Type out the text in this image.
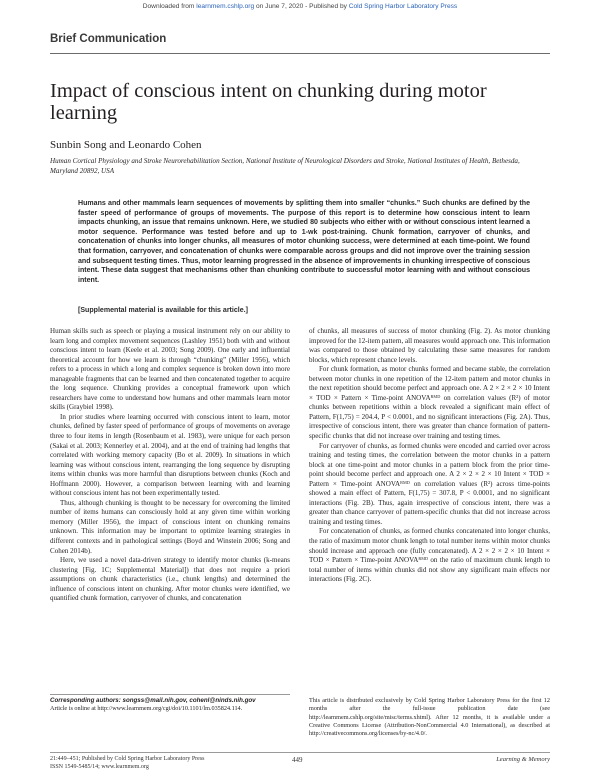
Downloaded from learnmem.cshlp.org on June 7, 2020 - Published by Cold Spring Harbor Laboratory Press
Brief Communication
Impact of conscious intent on chunking during motor learning
Sunbin Song and Leonardo Cohen
Human Cortical Physiology and Stroke Neurorehabilitation Section, National Institute of Neurological Disorders and Stroke, National Institutes of Health, Bethesda, Maryland 20892, USA
Humans and other mammals learn sequences of movements by splitting them into smaller “chunks.” Such chunks are defined by the faster speed of performance of groups of movements. The purpose of this report is to determine how conscious intent to learn impacts chunking, an issue that remains unknown. Here, we studied 80 subjects who either with or without conscious intent learned a motor sequence. Performance was tested before and up to 1-wk post-training. Chunk formation, carryover of chunks, and concatenation of chunks into longer chunks, all measures of motor chunking success, were determined at each time-point. We found that formation, carryover, and concatenation of chunks were comparable across groups and did not improve over the training session and subsequent testing times. Thus, motor learning progressed in the absence of improvements in chunking irrespective of conscious intent. These data suggest that mechanisms other than chunking contribute to successful motor learning with and without conscious intent.
[Supplemental material is available for this article.]

Human skills such as speech or playing a musical instrument rely on our ability to learn long and complex movement sequences (Lashley 1951) both with and without conscious intent to learn (Keele et al. 2003; Song 2009). One early and influential theoretical account for how we learn is through “chunking” (Miller 1956), which refers to a process in which a long and complex sequence is broken down into more manageable fragments that can be learned and then concatenated together to acquire the long sequence. Chunking provides a conceptual framework upon which researchers have come to understand how humans and other mammals learn motor skills (Graybiel 1998).

In prior studies where learning occurred with conscious intent to learn, motor chunks, defined by faster speed of performance of groups of movements on average three to four items in length (Rosenbaum et al. 1983), were unique for each person (Sakai et al. 2003; Kennerley et al. 2004), and at the end of training had lengths that correlated with working memory capacity (Bo et al. 2009). In situations in which learning was without conscious intent, rearranging the long sequence by disrupting items within chunks was more harmful than disruptions between chunks (Koch and Hoffmann 2000). However, a comparison between learning with and learning without conscious intent has not been experimentally tested.

Thus, although chunking is thought to be necessary for overcoming the limited number of items humans can consciously hold at any given time within working memory (Miller 1956), the impact of conscious intent on chunking remains unknown. This information may be important to optimize learning strategies in different contexts and in pathological settings (Boyd and Winstein 2006; Song and Cohen 2014b).

Here, we used a novel data-driven strategy to identify motor chunks (k-means clustering [Fig. 1C; Supplemental Material]) that does not require a priori assumptions on chunk characteristics (i.e., chunk lengths) and determined the influence of conscious intent on chunking. After motor chunks were identified, we quantified chunk formation, carryover of chunks, and concatenation

of chunks, all measures of success of motor chunking (Fig. 2). As motor chunking improved for the 12-item pattern, all measures would approach one. This information was compared to those obtained by calculating these same measures for random blocks, which represent chance levels.

For chunk formation, as motor chunks formed and became stable, the correlation between motor chunks in one repetition of the 12-item pattern and motor chunks in the next repetition should become perfect and approach one. A 2 × 2 × 2 × 10 Intent × TOD × Pattern × Time-point ANOVAᴿᴹᴰ on correlation values (R²) of motor chunks between repetitions within a block revealed a significant main effect of Pattern, F(1,75) = 204.4, P < 0.0001, and no significant interactions (Fig. 2A). Thus, irrespective of conscious intent, there was greater than chance formation of pattern-specific chunks that did not increase over training and testing times.

For carryover of chunks, as formed chunks were encoded and carried over across training and testing times, the correlation between the motor chunks in a pattern block at one time-point and motor chunks in a pattern block from the prior time-point should become perfect and approach one. A 2 × 2 × 2 × 10 Intent × TOD × Pattern × Time-point ANOVAᴿᴹᴰ on correlation values (R²) across time-points showed a main effect of Pattern, F(1,75) = 307.8, P < 0.0001, and no significant interactions (Fig. 2B). Thus, again irrespective of conscious intent, there was a greater than chance carryover of pattern-specific chunks that did not increase across training and testing times.

For concatenation of chunks, as formed chunks concatenated into longer chunks, the ratio of maximum motor chunk length to total number items within motor chunks should increase and approach one (fully concatenated). A 2 × 2 × 2 × 10 Intent × TOD × Pattern × Time-point ANOVAᴿᴹᴰ on the ratio of maximum chunk length to total number of items within chunks did not show any significant main effects nor interactions (Fig. 2C).

Corresponding authors: songss@mail.nih.gov, cohenl@ninds.nih.gov
Article is online at http://www.learnmem.org/cgi/doi/10.1101/lm.035824.114.
This article is distributed exclusively by Cold Spring Harbor Laboratory Press for the first 12 months after the full-issue publication date (see http://learnmem.cshlp.org/site/misc/terms.xhtml). After 12 months, it is available under a Creative Commons License (Attribution-NonCommercial 4.0 International), as described at http://creativecommons.org/licenses/by-nc/4.0/.
21:449–451; Published by Cold Spring Harbor Laboratory Press
ISSN 1549-5485/14; www.learnmem.org
449	Learning & Memory
